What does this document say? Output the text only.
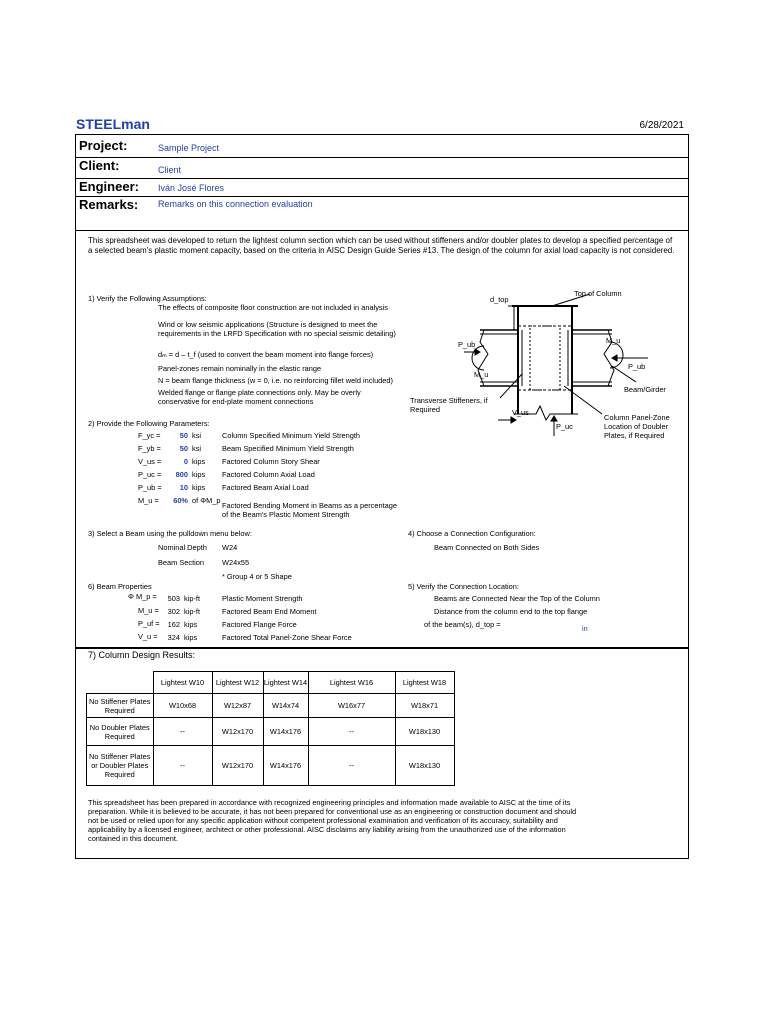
STEELman	6/28/2021
Project:	Sample Project
Client:	Client
Engineer: Iván José Flores
Remarks: Remarks on this connection evaluation
This spreadsheet was developed to return the lightest column section which can be used without stiffeners and/or doubler plates to develop a specified percentage of a selected beam's plastic moment capacity, based on the criteria in AISC Design Guide Series #13. The design of the column for axial load capacity is not considered.
1) Verify the Following Assumptions:
The effects of composite floor construction are not included in analysis
Wind or low seismic applications (Structure is designed to meet the requirements in the LRFD Specification with no special seismic detailing)
dₘ = d – t_f (used to convert the beam moment into flange forces)
Panel-zones remain nominally in the elastic range
N = beam flange thickness (w = 0, i.e. no reinforcing fillet weld included)
Welded flange or flange plate connections only. May be overly conservative for end-plate moment connections
2) Provide the Following Parameters:
F_yc =	50 ksi	Column Specified Minimum Yield Strength
F_yb =	50 ksi	Beam Specified Minimum Yield Strength
V_us =	0 kips Factored Column Story Shear
P_uc =	800 kips Factored Column Axial Load
P_ub =	10 kips Factored Beam Axial Load
M_u =	60% of ΦM_p
Factored Bending Moment in Beams as a percentage of the Beam's Plastic Moment Strength
3) Select a Beam using the pulldown menu below:
Nominal Depth W24
Beam Section W24x55
* Group 4 or 5 Shape
4) Choose a Connection Configuration:
Beam Connected on Both Sides
6) Beam Properties
Φ M_p =	503 kip-ft	Plastic Moment Strength
M_u =	302 kip-ft	Factored Beam End Moment
P_uf =	162 kips	Factored Flange Force
V_u =	324 kips	Factored Total Panel-Zone Shear Force
5) Verify the Connection Location:
Beams are Connected Near the Top of the Column
Distance from the column end to the top flange
of the beam(s), d_top =	in
Top of Column
d_top
M_u
P_ub
P_ub
M_u
Beam/Girder
Transverse Stiffeners, if Required
Column Panel-Zone Location of Doubler Plates, if Required
V_us
P_uc
7) Column Design Results:
	Lightest W10	Lightest W12	Lightest W14	Lightest W16	Lightest W18
No Stiffener Plates Required	W10x68	W12x87	W14x74	W16x77	W18x71
No Doubler Plates Required	--	W12x170	W14x176	--	W18x130
No Stiffener Plates or Doubler Plates Required	--	W12x170	W14x176	--	W18x130
This spreadsheet has been prepared in accordance with recognized engineering principles and information made available to AISC at the time of its preparation. While it is believed to be accurate, it has not been prepared for conventional use as an engineering or construction document and should not be used or relied upon for any specific application without competent professional examination and verification of its accuracy, suitability and applicability by a licensed engineer, architect or other professional. AISC disclaims any liability arising from the unauthorized use of the information contained in this document.
